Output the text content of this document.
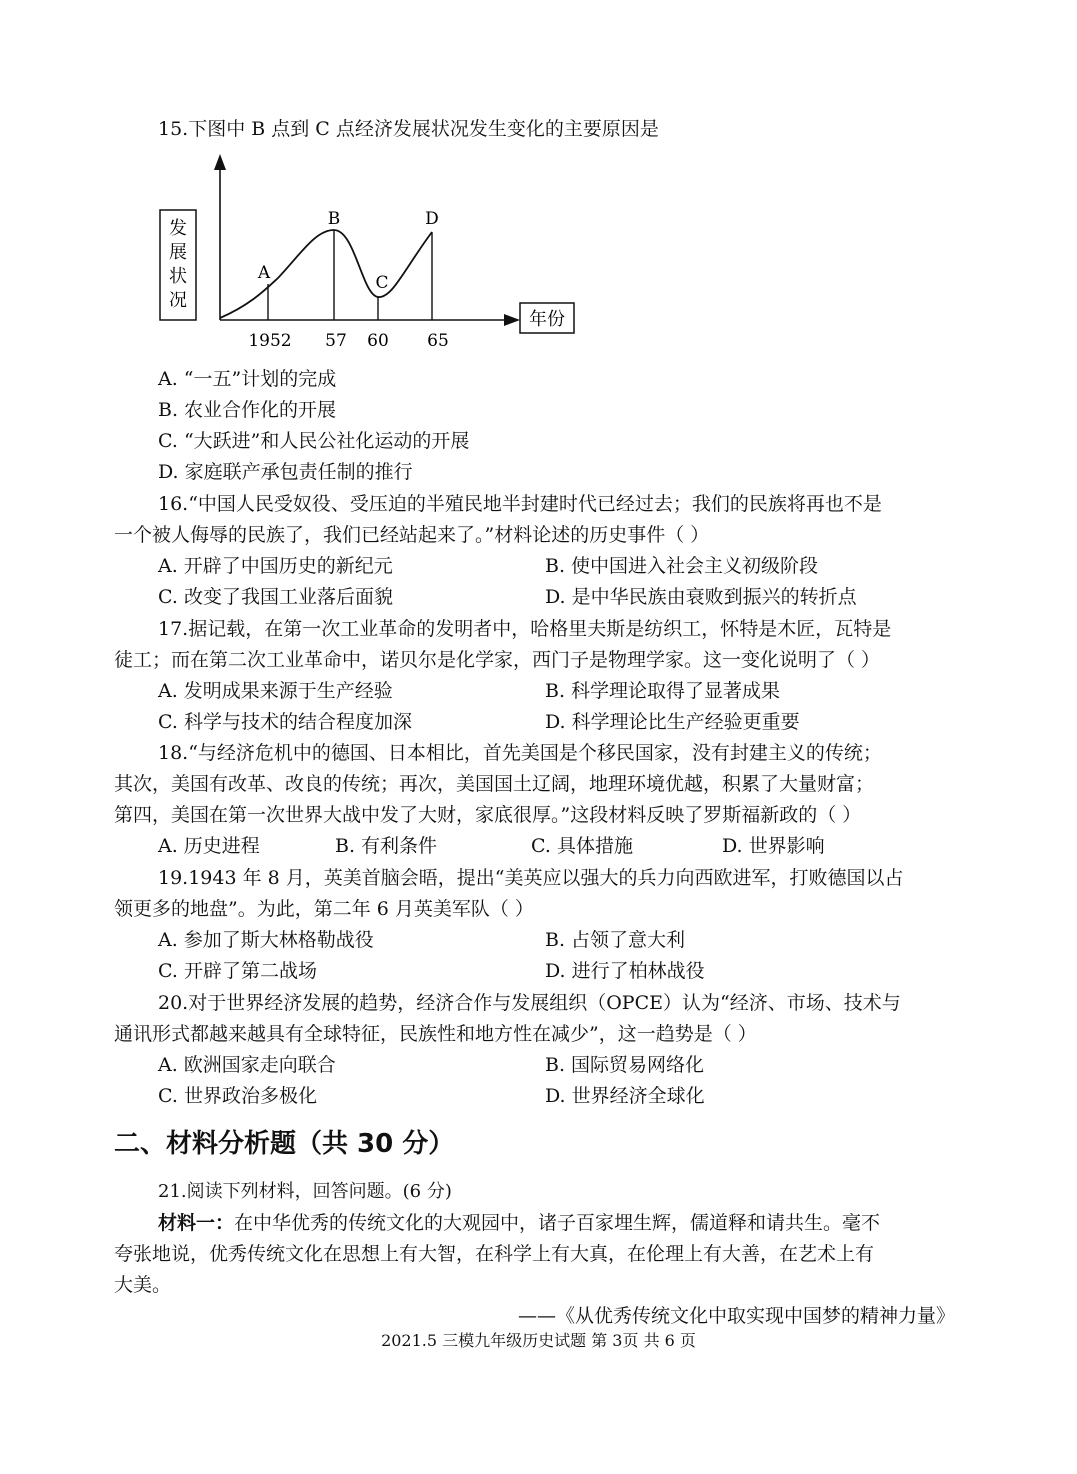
15.下图中 B 点到 C 点经济发展状况发生变化的主要原因是
发
展
状
况
年份
A
B
C
D
1952 57 60 65
A. “一五”计划的完成
B. 农业合作化的开展
C. “大跃进”和人民公社化运动的开展
D. 家庭联产承包责任制的推行
16.“中国人民受奴役、受压迫的半殖民地半封建时代已经过去；我们的民族将再也不是
一个被人侮辱的民族了，我们已经站起来了。”材料论述的历史事件（ ）
A. 开辟了中国历史的新纪元	B. 使中国进入社会主义初级阶段
C. 改变了我国工业落后面貌	D. 是中华民族由衰败到振兴的转折点
17.据记载，在第一次工业革命的发明者中，哈格里夫斯是纺织工，怀特是木匠，瓦特是
徒工；而在第二次工业革命中，诺贝尔是化学家，西门子是物理学家。这一变化说明了（ ）
A. 发明成果来源于生产经验	B. 科学理论取得了显著成果
C. 科学与技术的结合程度加深	D. 科学理论比生产经验更重要
18.“与经济危机中的德国、日本相比，首先美国是个移民国家，没有封建主义的传统；
其次，美国有改革、改良的传统；再次，美国国土辽阔，地理环境优越，积累了大量财富；
第四，美国在第一次世界大战中发了大财，家底很厚。”这段材料反映了罗斯福新政的（ ）
A. 历史进程	B. 有利条件	C. 具体措施	D. 世界影响
19.1943 年 8 月，英美首脑会晤，提出“美英应以强大的兵力向西欧进军，打败德国以占
领更多的地盘”。为此，第二年 6 月英美军队（ ）
A. 参加了斯大林格勒战役	B. 占领了意大利
C. 开辟了第二战场	D. 进行了柏林战役
20.对于世界经济发展的趋势，经济合作与发展组织（OPCE）认为“经济、市场、技术与
通讯形式都越来越具有全球特征，民族性和地方性在减少”，这一趋势是（ ）
A. 欧洲国家走向联合	B. 国际贸易网络化
C. 世界政治多极化	D. 世界经济全球化
二、材料分析题（共 30 分）
21.阅读下列材料，回答问题。(6 分)
材料一：在中华优秀的传统文化的大观园中，诸子百家埋生辉，儒道释和请共生。毫不
夸张地说，优秀传统文化在思想上有大智，在科学上有大真，在伦理上有大善，在艺术上有
大美。
——《从优秀传统文化中取实现中国梦的精神力量》
2021.5 三模九年级历史试题 第 3页 共 6 页
